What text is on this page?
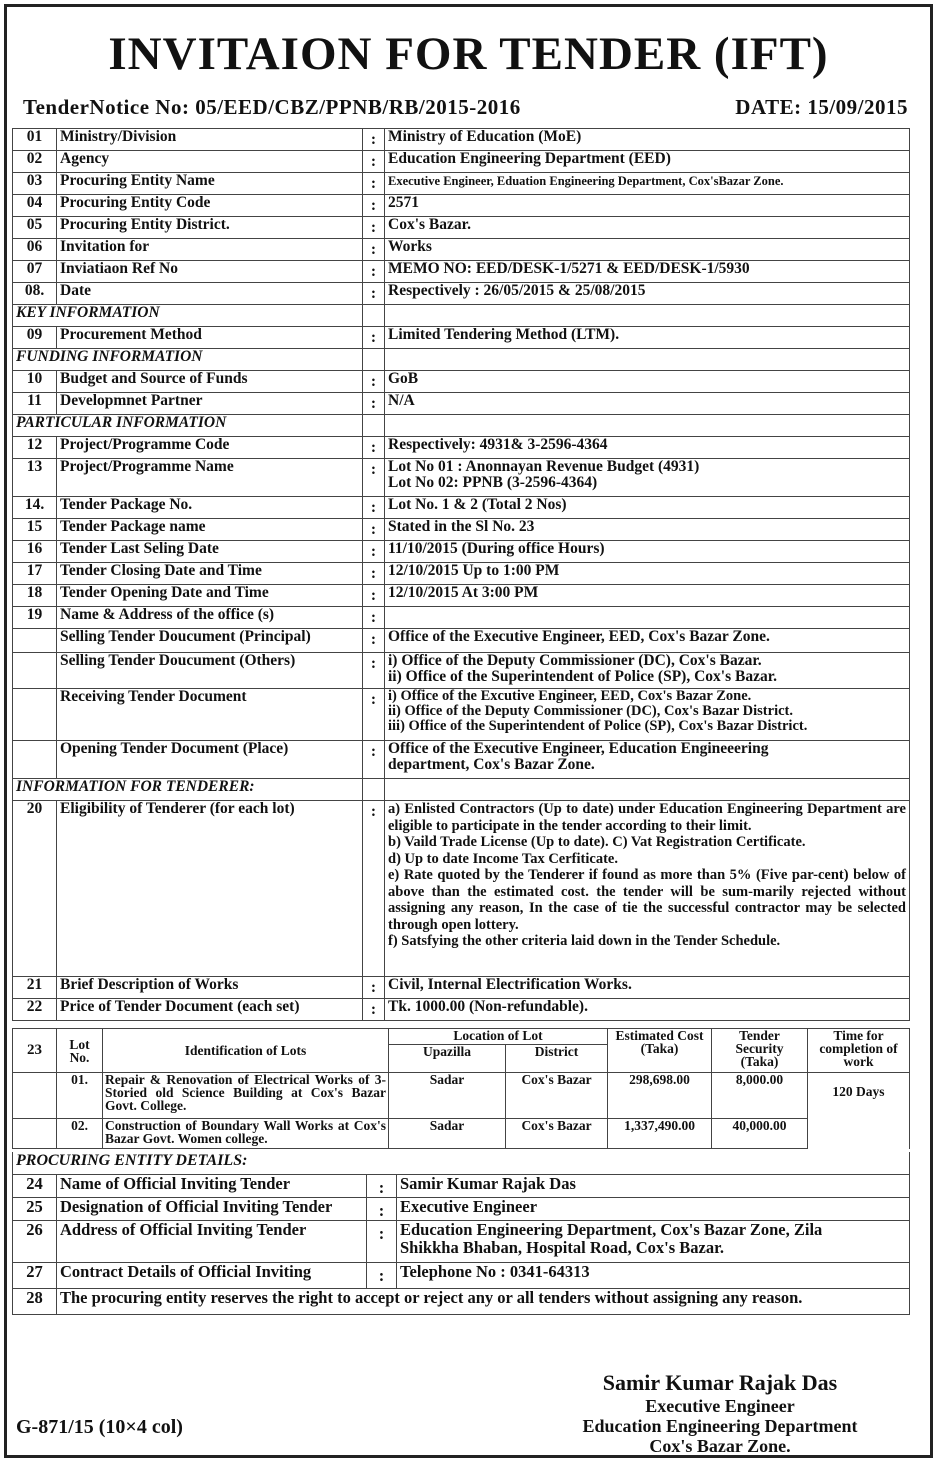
INVITAION FOR TENDER (IFT)
TenderNotice No: 05/EED/CBZ/PPNB/RB/2015-2016	DATE: 15/09/2015
01	Ministry/Division	:	Ministry of Education (MoE)
02	Agency	:	Education Engineering Department (EED)
03	Procuring Entity Name	:	Executive Engineer, Eduation Engineering Department, Cox'sBazar Zone.
04	Procuring Entity Code	:	2571
05	Procuring Entity District.	:	Cox's Bazar.
06	Invitation for	:	Works
07	Inviatiaon Ref No	:	MEMO NO: EED/DESK-1/5271 & EED/DESK-1/5930
08.	Date	:	Respectively : 26/05/2015 & 25/08/2015
KEY INFORMATION			
09	Procurement Method	:	Limited Tendering Method (LTM).
FUNDING INFORMATION			
10	Budget and Source of Funds	:	GoB
11	Developmnet Partner	:	N/A
PARTICULAR INFORMATION			
12	Project/Programme Code	:	Respectively: 4931& 3-2596-4364
13	Project/Programme Name	:	Lot No 01 : Anonnayan Revenue Budget (4931)
Lot No 02: PPNB (3-2596-4364)

14.	Tender Package No.	:	Lot No. 1 & 2 (Total 2 Nos)
15	Tender Package name	:	Stated in the Sl No. 23
16	Tender Last Seling Date	:	11/10/2015 (During office Hours)
17	Tender Closing Date and Time	:	12/10/2015 Up to 1:00 PM
18	Tender Opening Date and Time	:	12/10/2015 At 3:00 PM
19	Name & Address of the office (s)	:	
	Selling Tender Doucument (Principal)	:	Office of the Executive Engineer, EED, Cox's Bazar Zone.
	Selling Tender Doucument (Others)	:	i) Office of the Deputy Commissioner (DC), Cox's Bazar.
ii) Office of the Superintendent of Police (SP), Cox's Bazar.

	Receiving Tender Document	:	i) Office of the Excutive Engineer, EED, Cox's Bazar Zone.
ii) Office of the Deputy Commissioner (DC), Cox's Bazar District.
iii) Office of the Superintendent of Police (SP), Cox's Bazar District.

	Opening Tender Document (Place)	:	Office of the Executive Engineer, Education Engineeering
department, Cox's Bazar Zone.

INFORMATION FOR TENDERER:			
20	Eligibility of Tenderer (for each lot)	:	a) Enlisted Contractors (Up to date) under Education Engineering Department are eligible to participate in the tender according to their limit.
b) Vaild Trade License (Up to date). C) Vat Registration Certificate.
d) Up to date Income Tax Cerfiticate.
e) Rate quoted by the Tenderer if found as more than 5% (Five par-cent) below of above than the estimated cost. the tender will be sum-marily rejected without assigning any reason, In the case of tie the successful contractor may be selected through open lottery.
f) Satsfying the other criteria laid down in the Tender Schedule.
21	Brief Description of Works	:	Civil, Internal Electrification Works.
22	Price of Tender Document (each set)	:	Tk. 1000.00 (Non-refundable).
23	Lot No.	Identification of Lots	Location of Lot		Estimated Cost (Taka)	Tender Security (Taka)	Time for completion of work
			Upazilla	District			
	01.	Repair & Renovation of Electrical Works of 3-Storied old Science Building at Cox's Bazar Govt. College.	Sadar	Cox's Bazar	298,698.00	8,000.00	120 Days
	02.	Construction of Boundary Wall Works at Cox's Bazar Govt. Women college.	Sadar	Cox's Bazar	1,337,490.00	40,000.00	
PROCURING ENTITY DETAILS:			
24	Name of Official Inviting Tender	:	Samir Kumar Rajak Das
25	Designation of Official Inviting Tender	:	Executive Engineer
26	Address of Official Inviting Tender	:	Education Engineering Department, Cox's Bazar Zone, Zila
Shikkha Bhaban, Hospital Road, Cox's Bazar.

27	Contract Details of Official Inviting	:	Telephone No : 0341-64313
28	The procuring entity reserves the right to accept or reject any or all tenders without assigning any reason.		
Samir Kumar Rajak Das
Executive Engineer
Education Engineering Department
Cox's Bazar Zone.
G-871/15 (10×4 col)
